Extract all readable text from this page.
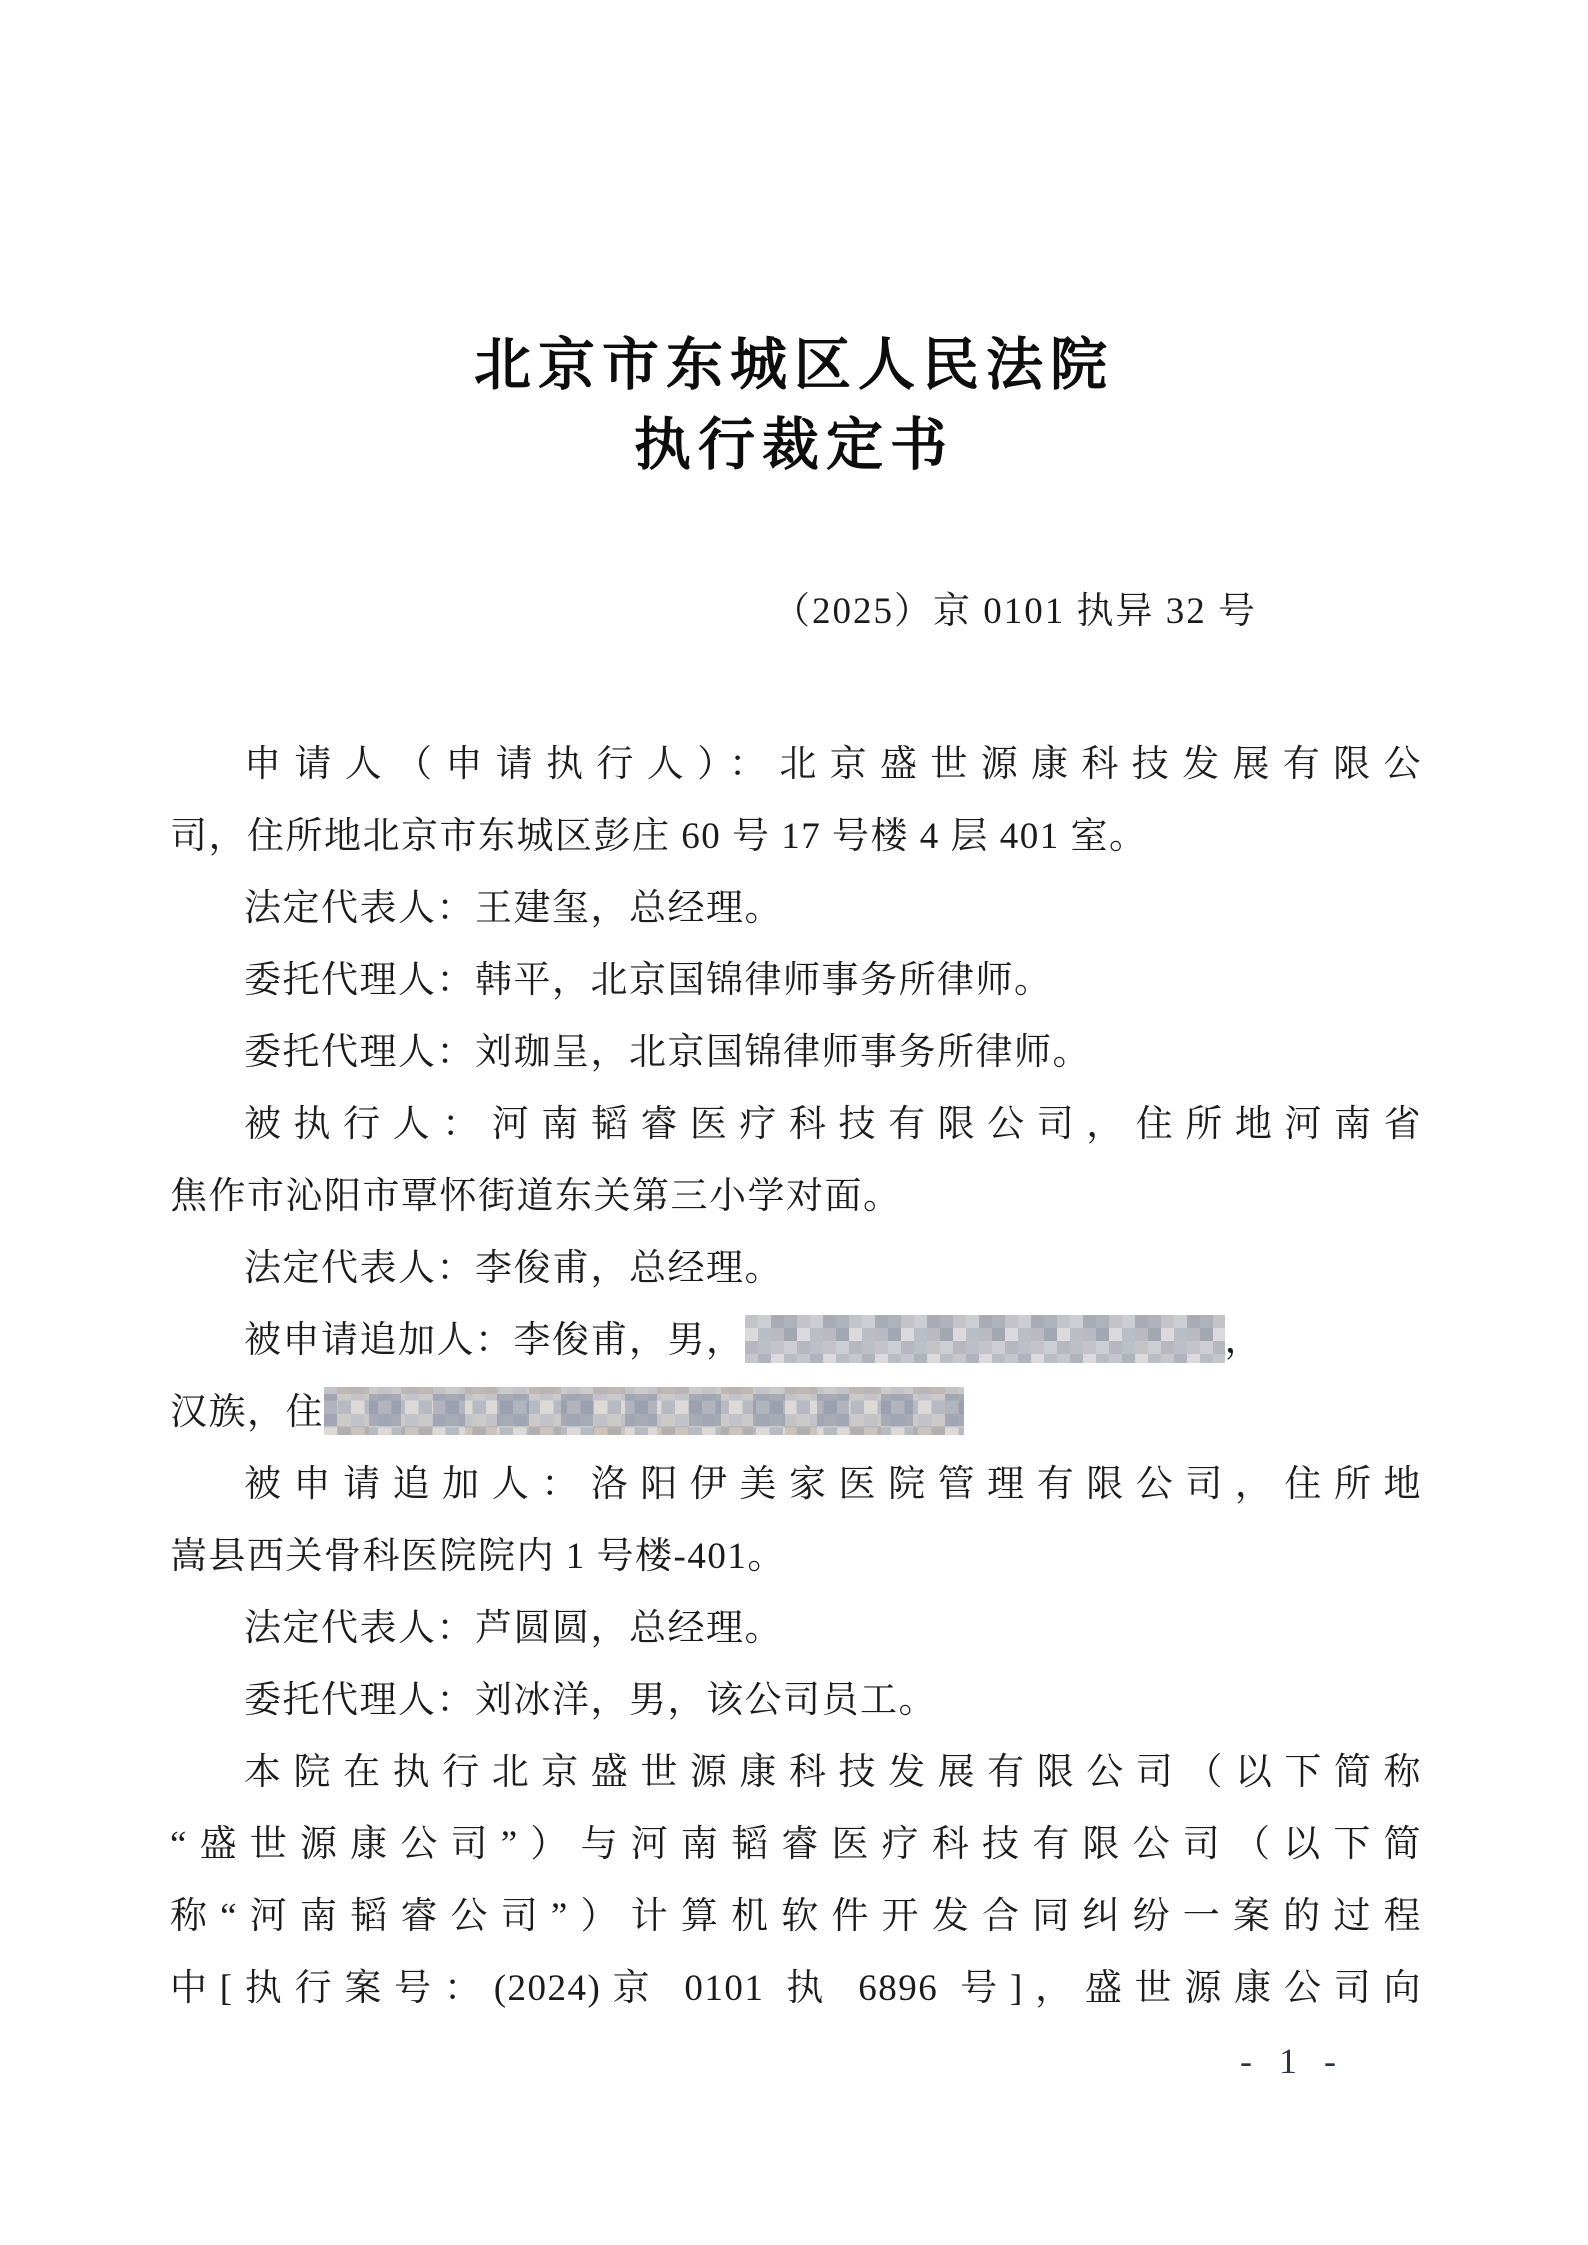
北京市东城区人民法院
执行裁定书
（2025）京 0101 执异 32 号
申请人（申请执行人）：北京盛世源康科技发展有限公
司，住所地北京市东城区彭庄 60 号 17 号楼 4 层 401 室。
法定代表人：王建玺，总经理。
委托代理人：韩平，北京国锦律师事务所律师。
委托代理人：刘珈呈，北京国锦律师事务所律师。
被执行人：河南韬睿医疗科技有限公司，住所地河南省
焦作市沁阳市覃怀街道东关第三小学对面。
法定代表人：李俊甫，总经理。
被申请追加人：李俊甫，男，	，
汉族，住
被申请追加人：洛阳伊美家医院管理有限公司，住所地
嵩县西关骨科医院院内 1 号楼-401。
法定代表人：芦圆圆，总经理。
委托代理人：刘冰洋，男，该公司员工。
本院在执行北京盛世源康科技发展有限公司（以下简称
“盛世源康公司”）与河南韬睿医疗科技有限公司（以下简
称“河南韬睿公司”）计算机软件开发合同纠纷一案的过程
中[执行案号：(2024)京 0101 执 6896 号]，盛世源康公司向
- 1 -
